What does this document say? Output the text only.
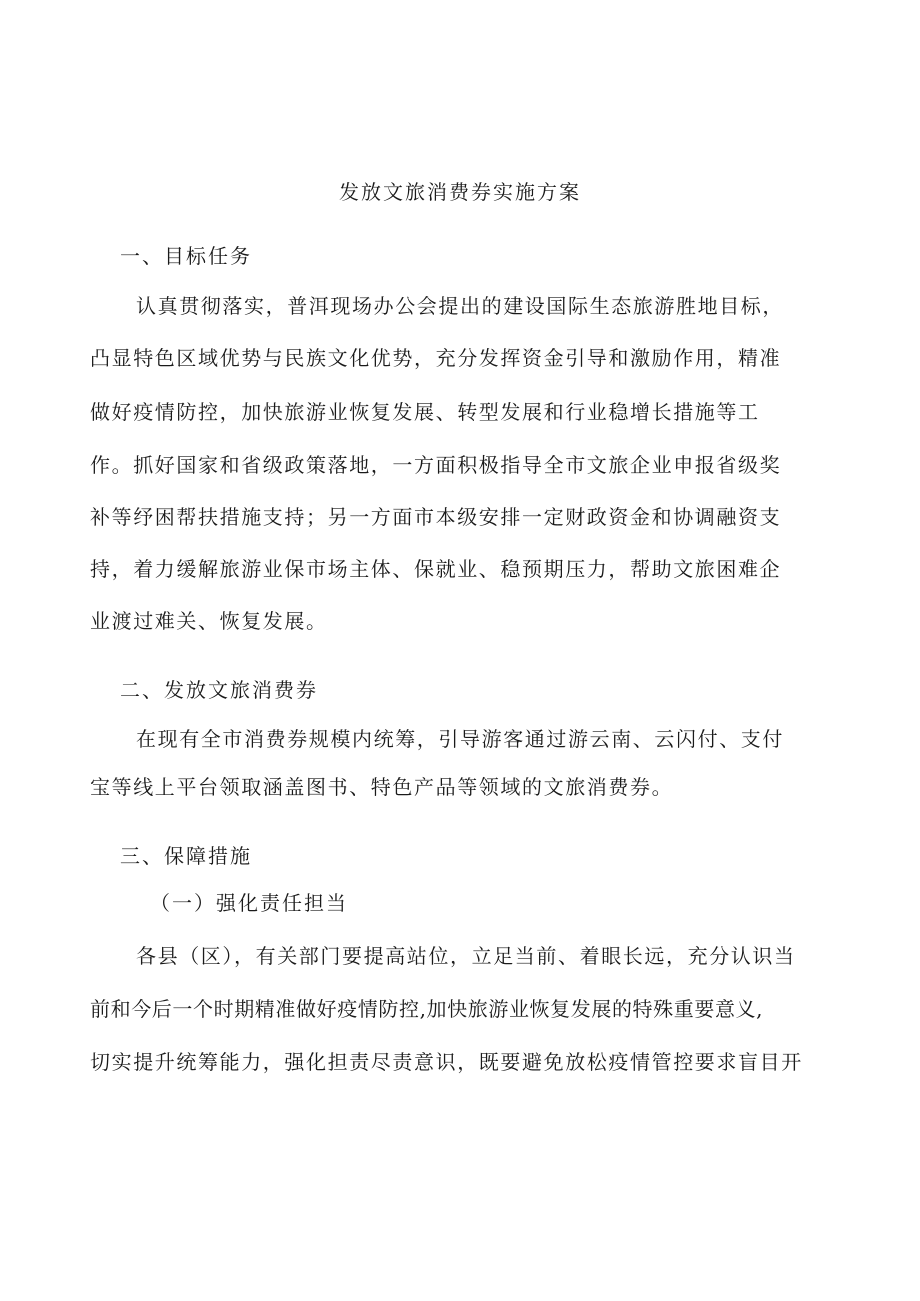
发放文旅消费券实施方案
一、目标任务
认真贯彻落实，普洱现场办公会提出的建设国际生态旅游胜地目标，
凸显特色区域优势与民族文化优势，充分发挥资金引导和激励作用，精准
做好疫情防控，加快旅游业恢复发展、转型发展和行业稳增长措施等工
作。抓好国家和省级政策落地，一方面积极指导全市文旅企业申报省级奖
补等纾困帮扶措施支持；另一方面市本级安排一定财政资金和协调融资支
持，着力缓解旅游业保市场主体、保就业、稳预期压力，帮助文旅困难企
业渡过难关、恢复发展。
二、发放文旅消费券
在现有全市消费券规模内统筹，引导游客通过游云南、云闪付、支付
宝等线上平台领取涵盖图书、特色产品等领域的文旅消费券。
三、保障措施
（一）强化责任担当
各县（区），有关部门要提高站位，立足当前、着眼长远，充分认识当
前和今后一个时期精准做好疫情防控,加快旅游业恢复发展的特殊重要意义,
切实提升统筹能力，强化担责尽责意识，既要避免放松疫情管控要求盲目开
